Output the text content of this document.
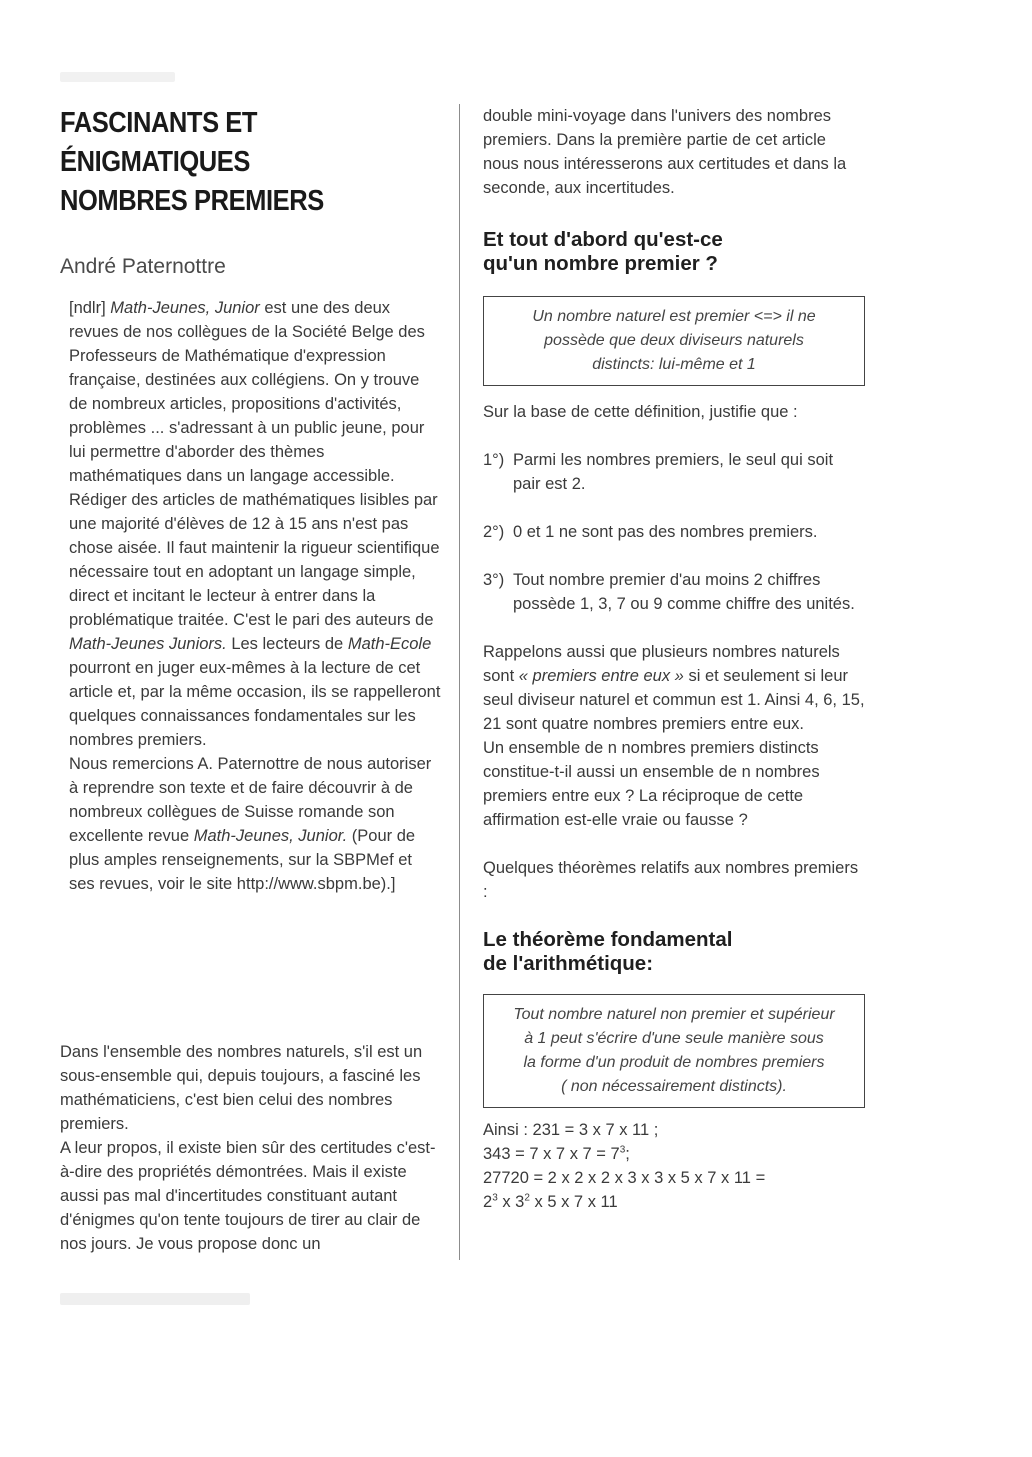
FASCINANTS ET ÉNIGMATIQUES
NOMBRES PREMIERS
André Paternottre

[ndlr] Math-Jeunes, Junior est une des deux revues de nos collègues de la Société Belge des Professeurs de Mathématique d'expression française, destinées aux collégiens. On y trouve de nombreux articles, propositions d'activités, problèmes ... s'adressant à un public jeune, pour lui permettre d'aborder des thèmes mathématiques dans un langage accessible.

Rédiger des articles de mathématiques lisibles par une majorité d'élèves de 12 à 15 ans n'est pas chose aisée. Il faut maintenir la rigueur scientifique nécessaire tout en adoptant un langage simple, direct et incitant le lecteur à entrer dans la problématique traitée. C'est le pari des auteurs de Math-Jeunes Juniors. Les lecteurs de Math-Ecole pourront en juger eux-mêmes à la lecture de cet article et, par la même occasion, ils se rappelleront quelques connaissances fondamentales sur les nombres premiers.

Nous remercions A. Paternottre de nous autoriser à reprendre son texte et de faire découvrir à de nombreux collègues de Suisse romande son excellente revue Math-Jeunes, Junior. (Pour de plus amples renseignements, sur la SBPMef et ses revues, voir le site http://www.sbpm.be).]

Dans l'ensemble des nombres naturels, s'il est un sous-ensemble qui, depuis toujours, a fasciné les mathématiciens, c'est bien celui des nombres premiers.

A leur propos, il existe bien sûr des certitudes c'est-à-dire des propriétés démontrées. Mais il existe aussi pas mal d'incertitudes constituant autant d'énigmes qu'on tente toujours de tirer au clair de nos jours. Je vous propose donc un

double mini-voyage dans l'univers des nombres premiers. Dans la première partie de cet article nous nous intéresserons aux certitudes et dans la seconde, aux incertitudes.

Et tout d'abord qu'est-ce
qu'un nombre premier ?
Un nombre naturel est premier <=> il ne
possède que deux diviseurs naturels
distincts: lui-même et 1

Sur la base de cette définition, justifie que :

1°) Parmi les nombres premiers, le seul qui soit pair est 2.
2°) 0 et 1 ne sont pas des nombres premiers.
3°) Tout nombre premier d'au moins 2 chiffres possède 1, 3, 7 ou 9 comme chiffre des unités.

Rappelons aussi que plusieurs nombres naturels sont « premiers entre eux » si et seulement si leur seul diviseur naturel et commun est 1. Ainsi 4, 6, 15, 21 sont quatre nombres premiers entre eux.

Un ensemble de n nombres premiers distincts constitue-t-il aussi un ensemble de n nombres premiers entre eux ? La réciproque de cette affirmation est-elle vraie ou fausse ?

Quelques théorèmes relatifs aux nombres premiers :

Le théorème fondamental
de l'arithmétique:
Tout nombre naturel non premier et supérieur
à 1 peut s'écrire d'une seule manière sous
la forme d'un produit de nombres premiers
( non nécessairement distincts).

Ainsi : 231 = 3 x 7 x 11 ;

343 = 7 x 7 x $7 = 7^3$;

27720 = 2 x 2 x 2 x 3 x 3 x 5 x 7 x 11 =

$2^3$ x $3^2$ x 5 x 7 x 11
